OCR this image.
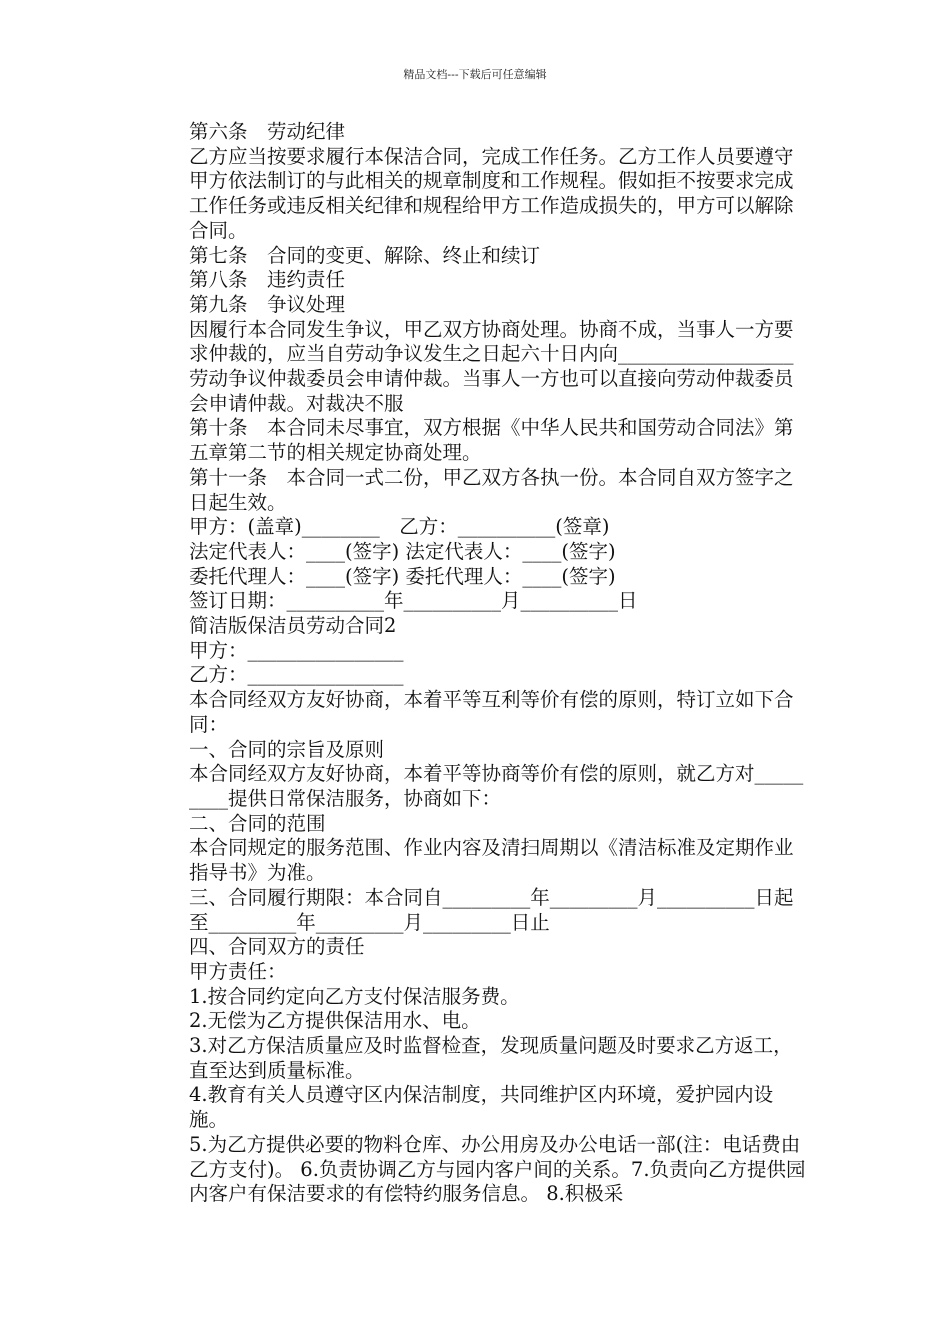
精品文档---下载后可任意编辑

第六条　劳动纪律

乙方应当按要求履行本保洁合同，完成工作任务。乙方工作人员要遵守甲方依法制订的与此相关的规章制度和工作规程。假如拒不按要求完成工作任务或违反相关纪律和规程给甲方工作造成损失的，甲方可以解除合同。

第七条　合同的变更、解除、终止和续订

第八条　违约责任

第九条　争议处理

因履行本合同发生争议，甲乙双方协商处理。协商不成，当事人一方要求仲裁的，应当自劳动争议发生之日起六十日内向__________________劳动争议仲裁委员会申请仲裁。当事人一方也可以直接向劳动仲裁委员会申请仲裁。对裁决不服

第十条　本合同未尽事宜，双方根据《中华人民共和国劳动合同法》第五章第二节的相关规定协商处理。

第十一条　本合同一式二份，甲乙双方各执一份。本合同自双方签字之日起生效。

甲方：(盖章)________　乙方：__________(签章)

法定代表人：____(签字) 法定代表人：____(签字)

委托代理人：____(签字) 委托代理人：____(签字)

签订日期：__________年__________月__________日

简洁版保洁员劳动合同2

甲方：________________

乙方：________________

本合同经双方友好协商，本着平等互利等价有偿的原则，特订立如下合同：

一、合同的宗旨及原则

本合同经双方友好协商，本着平等协商等价有偿的原则，就乙方对_________提供日常保洁服务，协商如下：

二、合同的范围

本合同规定的服务范围、作业内容及清扫周期以《清洁标准及定期作业指导书》为准。

三、合同履行期限：本合同自_________年_________月__________日起至_________年_________月_________日止

四、合同双方的责任

甲方责任：

1.按合同约定向乙方支付保洁服务费。

2.无偿为乙方提供保洁用水、电。

3.对乙方保洁质量应及时监督检查，发现质量问题及时要求乙方返工，直至达到质量标准。

4.教育有关人员遵守区内保洁制度，共同维护区内环境，爱护园内设施。

5.为乙方提供必要的物料仓库、办公用房及办公电话一部(注：电话费由乙方支付)。 6.负责协调乙方与园内客户间的关系。7.负责向乙方提供园内客户有保洁要求的有偿特约服务信息。 8.积极采
